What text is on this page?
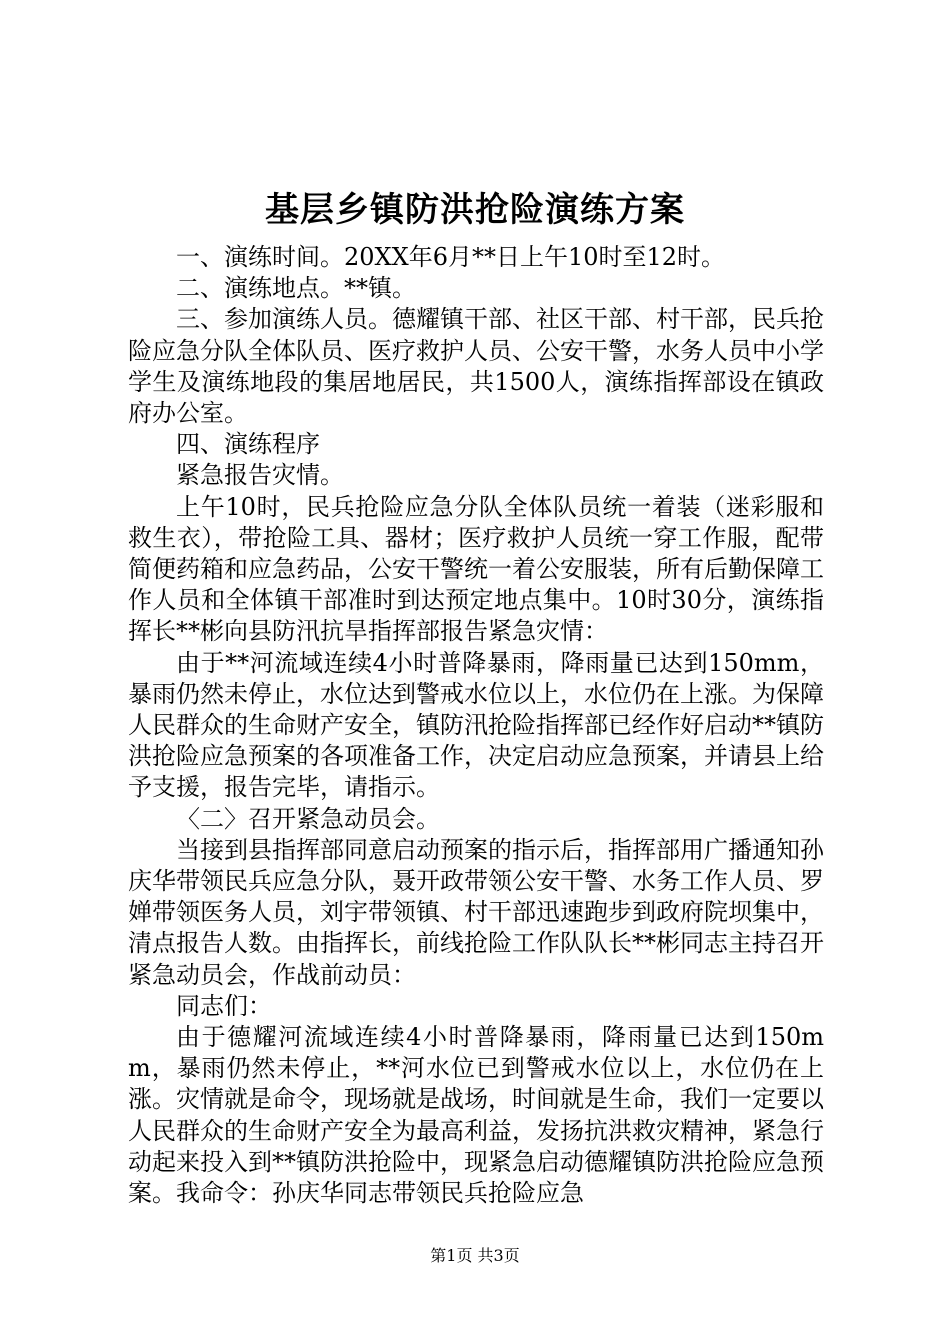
基层乡镇防洪抢险演练方案

一、演练时间。20XX年6月**日上午10时至12时。

二、演练地点。**镇。

三、参加演练人员。德耀镇干部、社区干部、村干部，民兵抢险应急分队全体队员、医疗救护人员、公安干警，水务人员中小学学生及演练地段的集居地居民，共1500人，演练指挥部设在镇政府办公室。

四、演练程序

紧急报告灾情。

上午10时，民兵抢险应急分队全体队员统一着装（迷彩服和救生衣），带抢险工具、器材；医疗救护人员统一穿工作服，配带简便药箱和应急药品，公安干警统一着公安服装，所有后勤保障工作人员和全体镇干部准时到达预定地点集中。10时30分，演练指挥长**彬向县防汛抗旱指挥部报告紧急灾情：

由于**河流域连续4小时普降暴雨，降雨量已达到150mm，暴雨仍然未停止，水位达到警戒水位以上，水位仍在上涨。为保障人民群众的生命财产安全，镇防汛抢险指挥部已经作好启动**镇防洪抢险应急预案的各项准备工作，决定启动应急预案，并请县上给予支援，报告完毕，请指示。

〈二〉召开紧急动员会。

当接到县指挥部同意启动预案的指示后，指挥部用广播通知孙庆华带领民兵应急分队，聂开政带领公安干警、水务工作人员、罗婵带领医务人员，刘宇带领镇、村干部迅速跑步到政府院坝集中，清点报告人数。由指挥长，前线抢险工作队队长**彬同志主持召开紧急动员会，作战前动员：

同志们：

由于德耀河流域连续4小时普降暴雨，降雨量已达到150mm，暴雨仍然未停止，**河水位已到警戒水位以上，水位仍在上涨。灾情就是命令，现场就是战场，时间就是生命，我们一定要以人民群众的生命财产安全为最高利益，发扬抗洪救灾精神，紧急行动起来投入到**镇防洪抢险中，现紧急启动德耀镇防洪抢险应急预案。我命令：孙庆华同志带领民兵抢险应急

第1页 共3页
